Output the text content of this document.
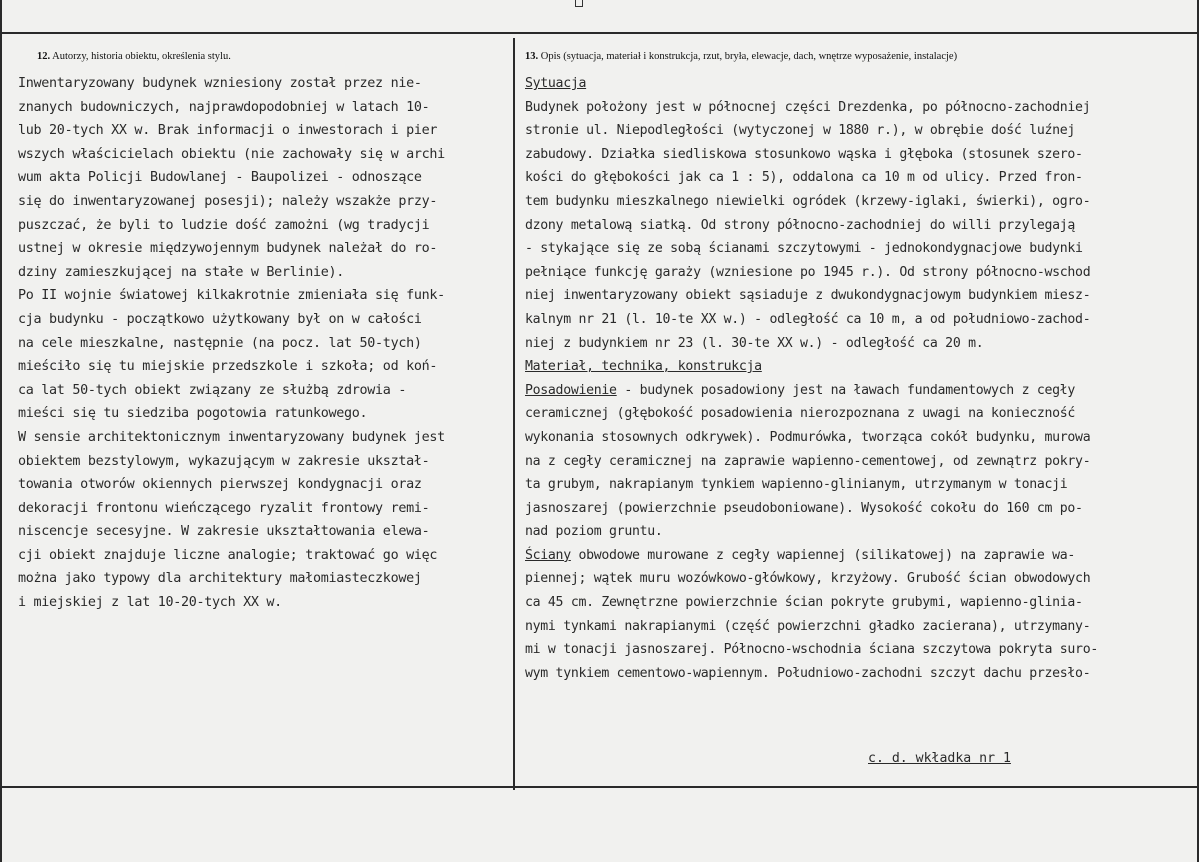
12. Autorzy, historia obiektu, określenia stylu.
Inwentaryzowany budynek wzniesiony został przez nie-
znanych budowniczych, najprawdopodobniej w latach 10-
lub 20-tych XX w. Brak informacji o inwestorach i pier
wszych właścicielach obiektu (nie zachowały się w archi
wum akta Policji Budowlanej - Baupolizei - odnoszące
się do inwentaryzowanej posesji); należy wszakże przy-
puszczać, że byli to ludzie dość zamożni (wg tradycji
ustnej w okresie międzywojennym budynek należał do ro-
dziny zamieszkującej na stałe w Berlinie).
Po II wojnie światowej kilkakrotnie zmieniała się funk-
cja budynku - początkowo użytkowany był on w całości
na cele mieszkalne, następnie (na pocz. lat 50-tych)
mieściło się tu miejskie przedszkole i szkoła; od koń-
ca lat 50-tych obiekt związany ze służbą zdrowia -
mieści się tu siedziba pogotowia ratunkowego.
W sensie architektonicznym inwentaryzowany budynek jest
obiektem bezstylowym, wykazującym w zakresie ukształ-
towania otworów okiennych pierwszej kondygnacji oraz
dekoracji frontonu wieńczącego ryzalit frontowy remi-
niscencje secesyjne. W zakresie ukształtowania elewa-
cji obiekt znajduje liczne analogie; traktować go więc
można jako typowy dla architektury małomiasteczkowej
i miejskiej z lat 10-20-tych XX w.
13. Opis (sytuacja, materiał i konstrukcja, rzut, bryła, elewacje, dach, wnętrze wyposażenie, instalacje)
Sytuacja
Budynek położony jest w północnej części Drezdenka, po północno-zachodniej
stronie ul. Niepodległości (wytyczonej w 1880 r.), w obrębie dość luźnej
zabudowy. Działka siedliskowa stosunkowo wąska i głęboka (stosunek szero-
kości do głębokości jak ca 1 : 5), oddalona ca 10 m od ulicy. Przed fron-
tem budynku mieszkalnego niewielki ogródek (krzewy-iglaki, świerki), ogro-
dzony metalową siatką. Od strony północno-zachodniej do willi przylegają
- stykające się ze sobą ścianami szczytowymi - jednokondygnacjowe budynki
pełniące funkcję garaży (wzniesione po 1945 r.). Od strony północno-wschod
niej inwentaryzowany obiekt sąsiaduje z dwukondygnacjowym budynkiem miesz-
kalnym nr 21 (l. 10-te XX w.) - odległość ca 10 m, a od południowo-zachod-
niej z budynkiem nr 23 (l. 30-te XX w.) - odległość ca 20 m.
Materiał, technika, konstrukcja
Posadowienie - budynek posadowiony jest na ławach fundamentowych z cegły
ceramicznej (głębokość posadowienia nierozpoznana z uwagi na konieczność
wykonania stosownych odkrywek). Podmurówka, tworząca cokół budynku, murowa
na z cegły ceramicznej na zaprawie wapienno-cementowej, od zewnątrz pokry-
ta grubym, nakrapianym tynkiem wapienno-glinianym, utrzymanym w tonacji
jasnoszarej (powierzchnie pseudoboniowane). Wysokość cokołu do 160 cm po-
nad poziom gruntu.
Ściany obwodowe murowane z cegły wapiennej (silikatowej) na zaprawie wa-
piennej; wątek muru wozówkowo-główkowy, krzyżowy. Grubość ścian obwodowych
ca 45 cm. Zewnętrzne powierzchnie ścian pokryte grubymi, wapienno-glinia-
nymi tynkami nakrapianymi (część powierzchni gładko zacierana), utrzymany-
mi w tonacji jasnoszarej. Północno-wschodnia ściana szczytowa pokryta suro-
wym tynkiem cementowo-wapiennym. Południowo-zachodni szczyt dachu przesło-
c. d. wkładka nr 1
